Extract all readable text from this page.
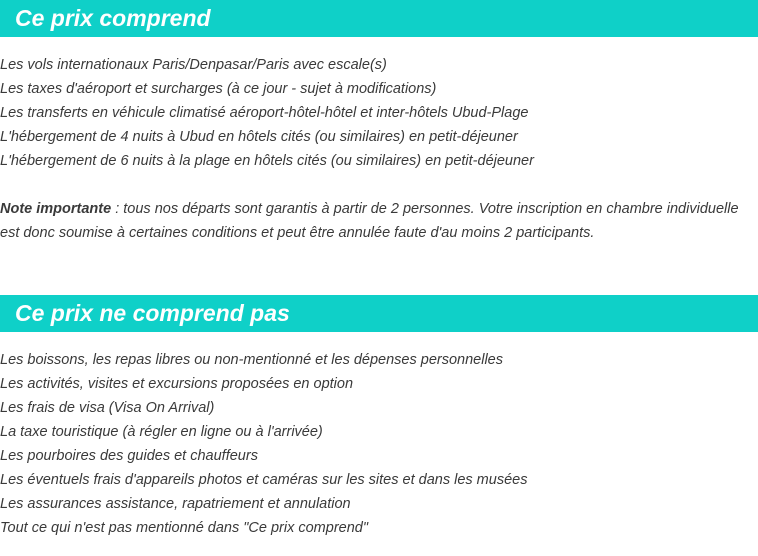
Ce prix comprend
Les vols internationaux Paris/Denpasar/Paris avec escale(s)
Les taxes d'aéroport et surcharges (à ce jour - sujet à modifications)
Les transferts en véhicule climatisé aéroport-hôtel-hôtel et inter-hôtels Ubud-Plage
L'hébergement de 4 nuits à Ubud en hôtels cités (ou similaires) en petit-déjeuner
L'hébergement de 6 nuits à la plage en hôtels cités (ou similaires) en petit-déjeuner

Note importante : tous nos départs sont garantis à partir de 2 personnes. Votre inscription en chambre individuelle est donc soumise à certaines conditions et peut être annulée faute d'au moins 2 participants.

Ce prix ne comprend pas
Les boissons, les repas libres ou non-mentionné et les dépenses personnelles
Les activités, visites et excursions proposées en option
Les frais de visa (Visa On Arrival)
La taxe touristique (à régler en ligne ou à l'arrivée)
Les pourboires des guides et chauffeurs
Les éventuels frais d'appareils photos et caméras sur les sites et dans les musées
Les assurances assistance, rapatriement et annulation
Tout ce qui n'est pas mentionné dans "Ce prix comprend"
